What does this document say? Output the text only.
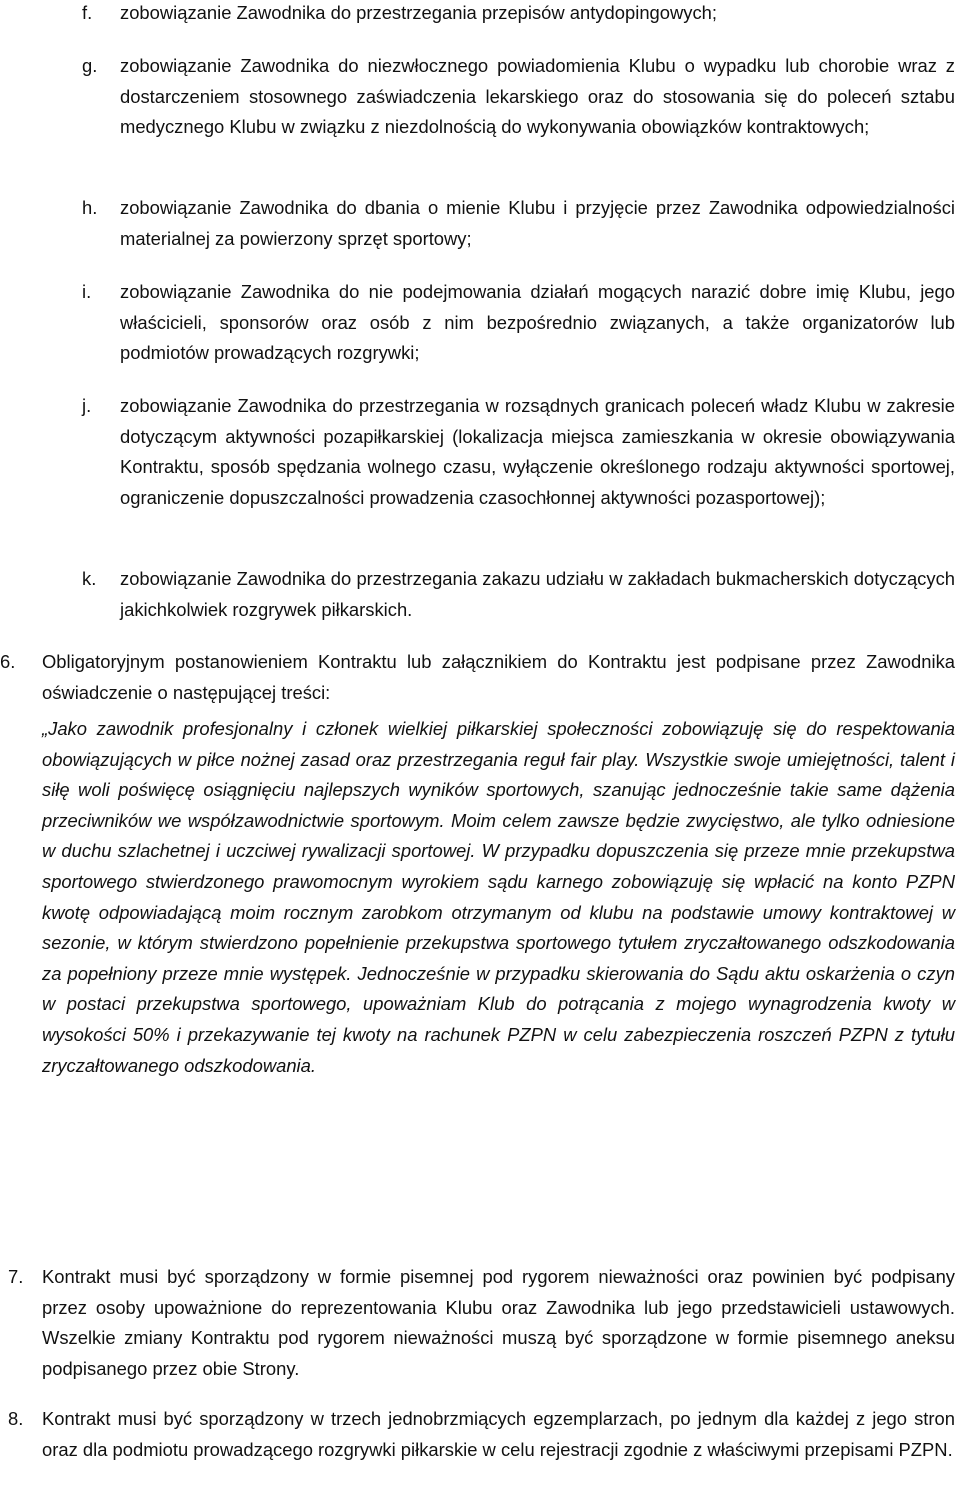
f.	zobowiązanie Zawodnika do przestrzegania przepisów antydopingowych;
g.	zobowiązanie Zawodnika do niezwłocznego powiadomienia Klubu o wypadku lub chorobie wraz z dostarczeniem stosownego zaświadczenia lekarskiego oraz do stosowania się do poleceń sztabu medycznego Klubu w związku z niezdolnością do wykonywania obowiązków kontraktowych;
h.	zobowiązanie Zawodnika do dbania o mienie Klubu i przyjęcie przez Zawodnika odpowiedzialności materialnej za powierzony sprzęt sportowy;
i.	zobowiązanie Zawodnika do nie podejmowania działań mogących narazić dobre imię Klubu, jego właścicieli, sponsorów oraz osób z nim bezpośrednio związanych, a także organizatorów lub podmiotów prowadzących rozgrywki;
j.	zobowiązanie Zawodnika do przestrzegania w rozsądnych granicach poleceń władz Klubu w zakresie dotyczącym aktywności pozapiłkarskiej (lokalizacja miejsca zamieszkania w okresie obowiązywania Kontraktu, sposób spędzania wolnego czasu, wyłączenie określonego rodzaju aktywności sportowej, ograniczenie dopuszczalności prowadzenia czasochłonnej aktywności pozasportowej);
k.	zobowiązanie Zawodnika do przestrzegania zakazu udziału w zakładach bukmacherskich dotyczących jakichkolwiek rozgrywek piłkarskich.
6.	Obligatoryjnym postanowieniem Kontraktu lub załącznikiem do Kontraktu jest podpisane przez Zawodnika oświadczenie o następującej treści:
„Jako zawodnik profesjonalny i członek wielkiej piłkarskiej społeczności zobowiązuję się do respektowania obowiązujących w piłce nożnej zasad oraz przestrzegania reguł fair play. Wszystkie swoje umiejętności, talent i siłę woli poświęcę osiągnięciu najlepszych wyników sportowych, szanując jednocześnie takie same dążenia przeciwników we współzawodnictwie sportowym. Moim celem zawsze będzie zwycięstwo, ale tylko odniesione w duchu szlachetnej i uczciwej rywalizacji sportowej. W przypadku dopuszczenia się przeze mnie przekupstwa sportowego stwierdzonego prawomocnym wyrokiem sądu karnego zobowiązuję się wpłacić na konto PZPN kwotę odpowiadającą moim rocznym zarobkom otrzymanym od klubu na podstawie umowy kontraktowej w sezonie, w którym stwierdzono popełnienie przekupstwa sportowego tytułem zryczałtowanego odszkodowania za popełniony przeze mnie występek. Jednocześnie w przypadku skierowania do Sądu aktu oskarżenia o czyn w postaci przekupstwa sportowego, upoważniam Klub do potrącania z mojego wynagrodzenia kwoty w wysokości 50% i przekazywanie tej kwoty na rachunek PZPN w celu zabezpieczenia roszczeń PZPN z tytułu zryczałtowanego odszkodowania.
7.	Kontrakt musi być sporządzony w formie pisemnej pod rygorem nieważności oraz powinien być podpisany przez osoby upoważnione do reprezentowania Klubu oraz Zawodnika lub jego przedstawicieli ustawowych. Wszelkie zmiany Kontraktu pod rygorem nieważności muszą być sporządzone w formie pisemnego aneksu podpisanego przez obie Strony.
8.	Kontrakt musi być sporządzony w trzech jednobrzmiących egzemplarzach, po jednym dla każdej z jego stron oraz dla podmiotu prowadzącego rozgrywki piłkarskie w celu rejestracji zgodnie z właściwymi przepisami PZPN.
